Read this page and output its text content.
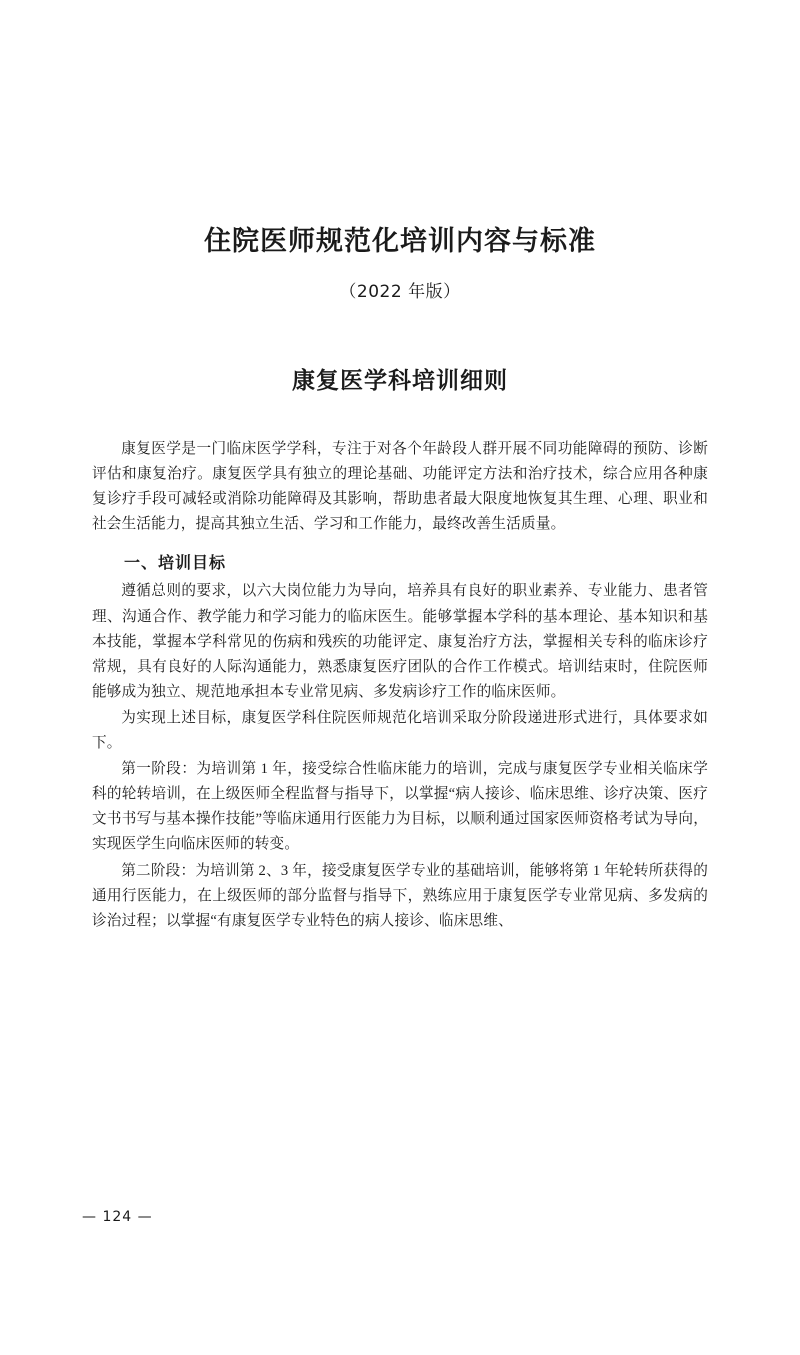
住院医师规范化培训内容与标准
（2022 年版）
康复医学科培训细则

康复医学是一门临床医学学科，专注于对各个年龄段人群开展不同功能障碍的预防、诊断评估和康复治疗。康复医学具有独立的理论基础、功能评定方法和治疗技术，综合应用各种康复诊疗手段可减轻或消除功能障碍及其影响，帮助患者最大限度地恢复其生理、心理、职业和社会生活能力，提高其独立生活、学习和工作能力，最终改善生活质量。

一、培训目标

遵循总则的要求，以六大岗位能力为导向，培养具有良好的职业素养、专业能力、患者管理、沟通合作、教学能力和学习能力的临床医生。能够掌握本学科的基本理论、基本知识和基本技能，掌握本学科常见的伤病和残疾的功能评定、康复治疗方法，掌握相关专科的临床诊疗常规，具有良好的人际沟通能力，熟悉康复医疗团队的合作工作模式。培训结束时，住院医师能够成为独立、规范地承担本专业常见病、多发病诊疗工作的临床医师。

为实现上述目标，康复医学科住院医师规范化培训采取分阶段递进形式进行，具体要求如下。

第一阶段：为培训第 1 年，接受综合性临床能力的培训，完成与康复医学专业相关临床学科的轮转培训，在上级医师全程监督与指导下，以掌握“病人接诊、临床思维、诊疗决策、医疗文书书写与基本操作技能”等临床通用行医能力为目标，以顺利通过国家医师资格考试为导向，实现医学生向临床医师的转变。

第二阶段：为培训第 2、3 年，接受康复医学专业的基础培训，能够将第 1 年轮转所获得的通用行医能力，在上级医师的部分监督与指导下，熟练应用于康复医学专业常见病、多发病的诊治过程；以掌握“有康复医学专业特色的病人接诊、临床思维、

— 124 —
